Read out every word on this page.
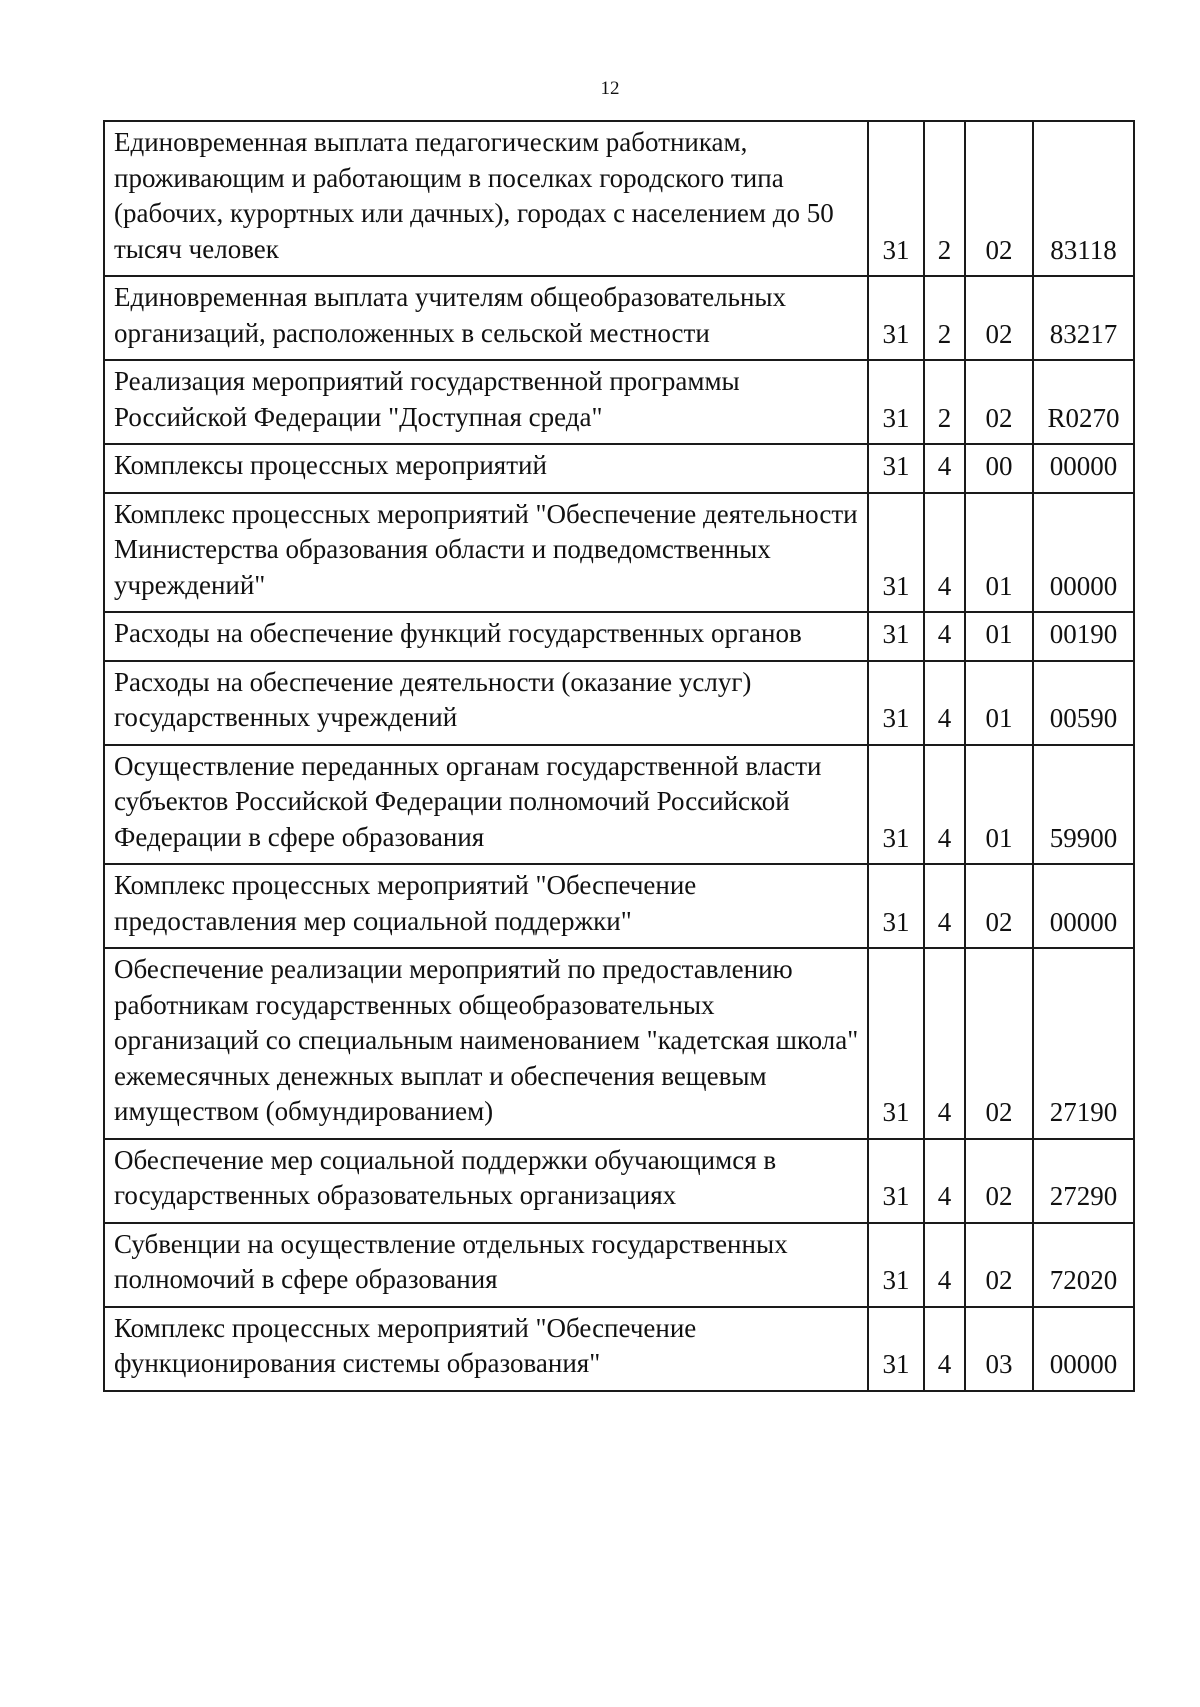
12
Единовременная выплата педагогическим работникам, проживающим и работающим в поселках городского типа (рабочих, курортных или дачных), городах с населением до 50 тысяч человек	31	2	02	83118
Единовременная выплата учителям общеобразовательных организаций, расположенных в сельской местности	31	2	02	83217
Реализация мероприятий государственной программы Российской Федерации "Доступная среда"	31	2	02	R0270
Комплексы процессных мероприятий	31	4	00	00000
Комплекс процессных мероприятий "Обеспечение деятельности Министерства образования области и подведомственных учреждений"	31	4	01	00000
Расходы на обеспечение функций государственных органов	31	4	01	00190
Расходы на обеспечение деятельности (оказание услуг) государственных учреждений	31	4	01	00590
Осуществление переданных органам государственной власти субъектов Российской Федерации полномочий Российской Федерации в сфере образования	31	4	01	59900
Комплекс процессных мероприятий "Обеспечение предоставления мер социальной поддержки"	31	4	02	00000
Обеспечение реализации мероприятий по предоставлению работникам государственных общеобразовательных организаций со специальным наименованием "кадетская школа" ежемесячных денежных выплат и обеспечения вещевым имуществом (обмундированием)	31	4	02	27190
Обеспечение мер социальной поддержки обучающимся в государственных образовательных организациях	31	4	02	27290
Субвенции на осуществление отдельных государственных полномочий в сфере образования	31	4	02	72020
Комплекс процессных мероприятий "Обеспечение функционирования системы образования"	31	4	03	00000
